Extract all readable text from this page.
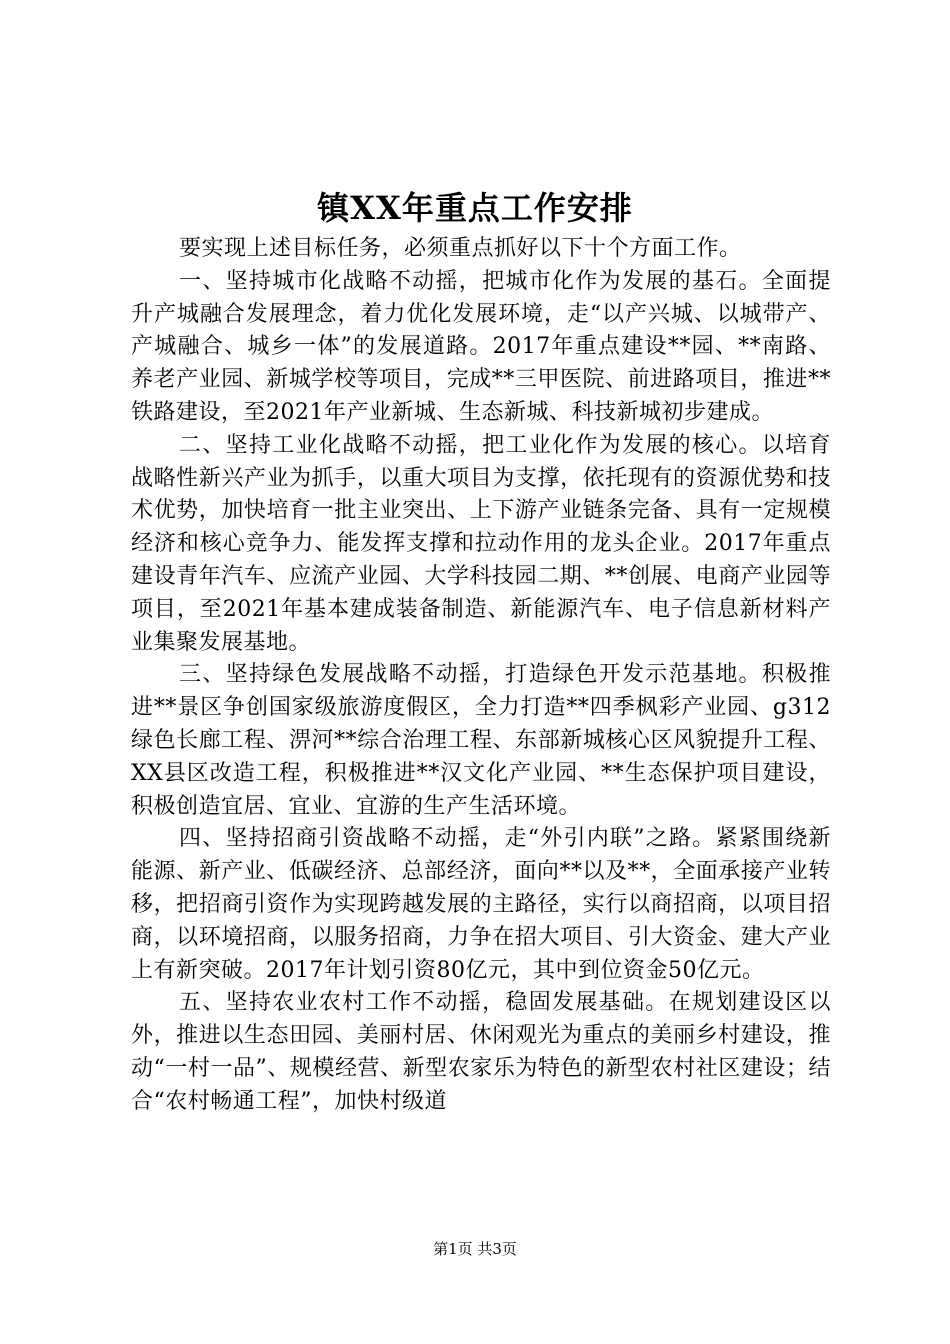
镇XX年重点工作安排

要实现上述目标任务，必须重点抓好以下十个方面工作。

一、坚持城市化战略不动摇，把城市化作为发展的基石。全面提升产城融合发展理念，着力优化发展环境，走“以产兴城、以城带产、产城融合、城乡一体”的发展道路。2017年重点建设**园、**南路、养老产业园、新城学校等项目，完成**三甲医院、前进路项目，推进**铁路建设，至2021年产业新城、生态新城、科技新城初步建成。

二、坚持工业化战略不动摇，把工业化作为发展的核心。以培育战略性新兴产业为抓手，以重大项目为支撑，依托现有的资源优势和技术优势，加快培育一批主业突出、上下游产业链条完备、具有一定规模经济和核心竞争力、能发挥支撑和拉动作用的龙头企业。2017年重点建设青年汽车、应流产业园、大学科技园二期、**创展、电商产业园等项目，至2021年基本建成装备制造、新能源汽车、电子信息新材料产业集聚发展基地。

三、坚持绿色发展战略不动摇，打造绿色开发示范基地。积极推进**景区争创国家级旅游度假区，全力打造**四季枫彩产业园、g312绿色长廊工程、淠河**综合治理工程、东部新城核心区风貌提升工程、XX县区改造工程，积极推进**汉文化产业园、**生态保护项目建设，积极创造宜居、宜业、宜游的生产生活环境。

四、坚持招商引资战略不动摇，走“外引内联”之路。紧紧围绕新能源、新产业、低碳经济、总部经济，面向**以及**，全面承接产业转移，把招商引资作为实现跨越发展的主路径，实行以商招商，以项目招商，以环境招商，以服务招商，力争在招大项目、引大资金、建大产业上有新突破。2017年计划引资80亿元，其中到位资金50亿元。

五、坚持农业农村工作不动摇，稳固发展基础。在规划建设区以外，推进以生态田园、美丽村居、休闲观光为重点的美丽乡村建设，推动“一村一品”、规模经营、新型农家乐为特色的新型农村社区建设；结合“农村畅通工程”，加快村级道

第1页 共3页
